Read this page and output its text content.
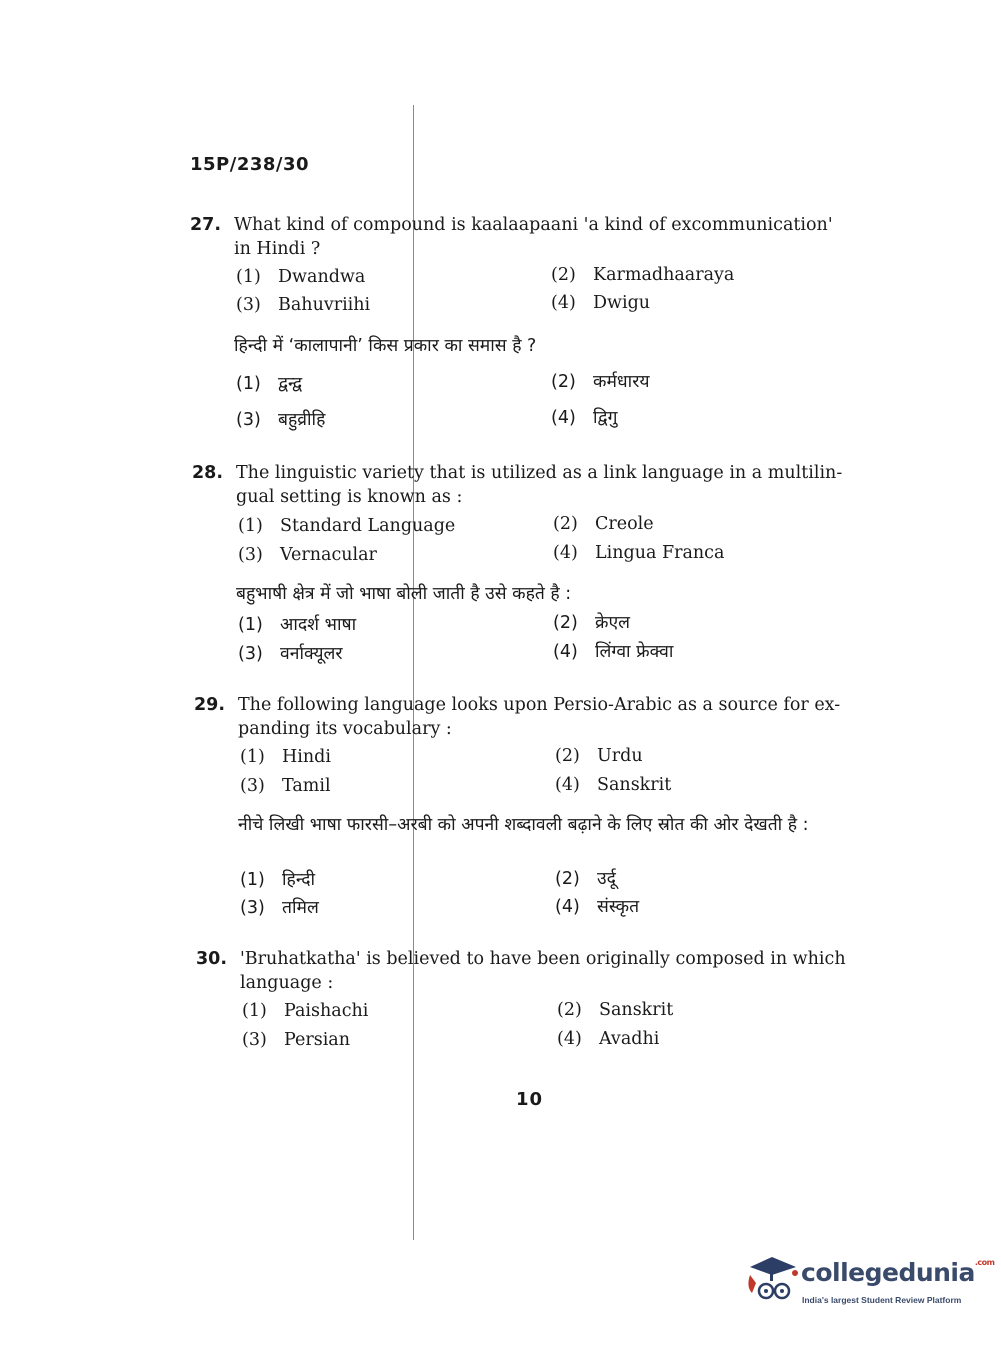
15P/238/30
27. What kind of compound is kaalaapaani 'a kind of excommunication' in Hindi ?
(1) Dwandwa	(2) Karmadhaaraya
(3) Bahuvriihi	(4) Dwigu
हिन्दी में ‘कालापानी’ किस प्रकार का समास है ?
(1) द्वन्द्व	(2) कर्मधारय
(3) बहुव्रीहि	(4) द्विगु
28. The linguistic variety that is utilized as a link language in a multilin-gual setting is known as :
(1) Standard Language	(2) Creole
(3) Vernacular	(4) Lingua Franca
बहुभाषी क्षेत्र में जो भाषा बोली जाती है उसे कहते है :
(1) आदर्श भाषा	(2) क्रेएल
(3) वर्नाक्यूलर	(4) लिंग्वा फ्रेक्वा
29. The following language looks upon Persio-Arabic as a source for ex-panding its vocabulary :
(1) Hindi	(2) Urdu
(3) Tamil	(4) Sanskrit
नीचे लिखी भाषा फारसी–अरबी को अपनी शब्दावली बढ़ाने के लिए स्रोत की ओर देखती है :
(1) हिन्दी	(2) उर्दू
(3) तमिल	(4) संस्कृत
30. 'Bruhatkatha' is believed to have been originally composed in which language :
(1) Paishachi	(2) Sanskrit
(3) Persian	(4) Avadhi
10
collegedunia$^{.com}$
India's largest Student Review Platform
